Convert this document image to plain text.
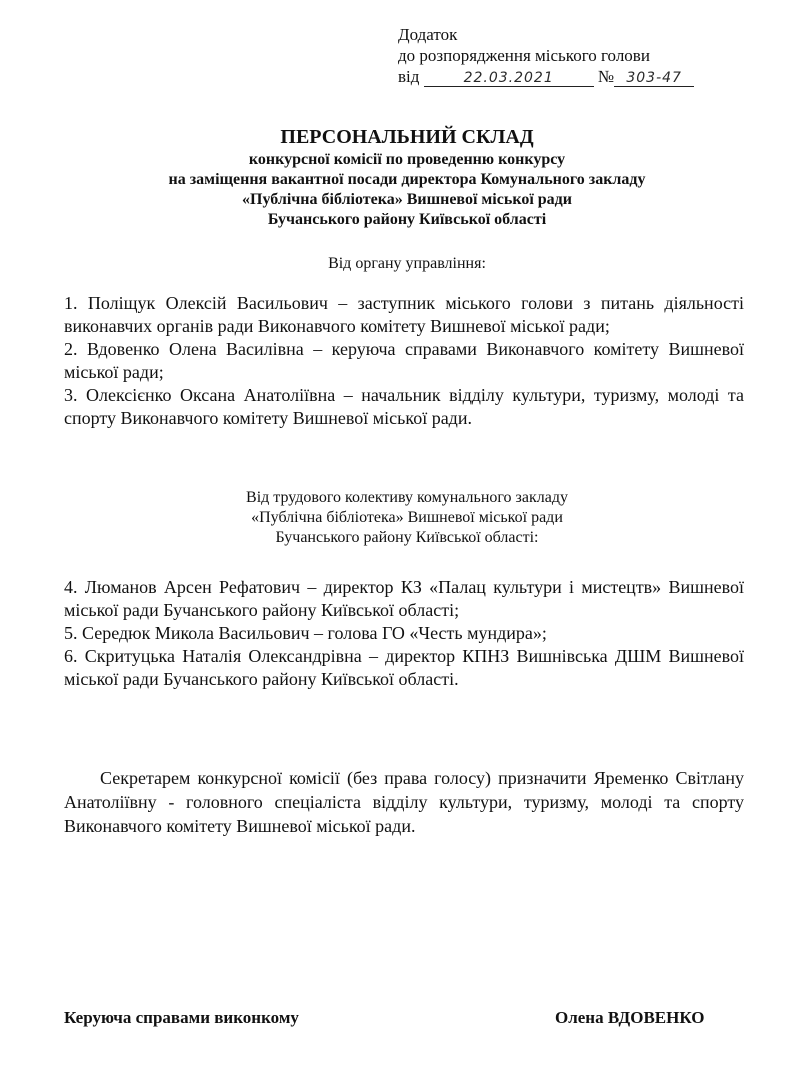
Додаток
до розпорядження міського голови
від	22.03.2021	№ 303-47
ПЕРСОНАЛЬНИЙ СКЛАД
конкурсної комісії по проведенню конкурсу
на заміщення вакантної посади директора Комунального закладу
«Публічна бібліотека» Вишневої міської ради
Бучанського району Київської області
Від органу управління:

1. Поліщук Олексій Васильович – заступник міського голови з питань діяльності виконавчих органів ради Виконавчого комітету Вишневої міської ради;

2. Вдовенко Олена Василівна – керуюча справами Виконавчого комітету Вишневої міської ради;

3. Олексієнко Оксана Анатоліївна – начальник відділу культури, туризму, молоді та спорту Виконавчого комітету Вишневої міської ради.

Від трудового колективу комунального закладу
«Публічна бібліотека» Вишневої міської ради
Бучанського району Київської області:

4. Люманов Арсен Рефатович – директор КЗ «Палац культури і мистецтв» Вишневої міської ради Бучанського району Київської області;

5. Середюк Микола Васильович – голова ГО «Честь мундира»;

6. Скритуцька Наталія Олександрівна – директор КПНЗ Вишнівська ДШМ Вишневої міської ради Бучанського району Київської області.

Секретарем конкурсної комісії (без права голосу) призначити Яременко Світлану Анатоліївну - головного спеціаліста відділу культури, туризму, молоді та спорту Виконавчого комітету Вишневої міської ради.
Керуюча справами виконкому	Олена ВДОВЕНКО
